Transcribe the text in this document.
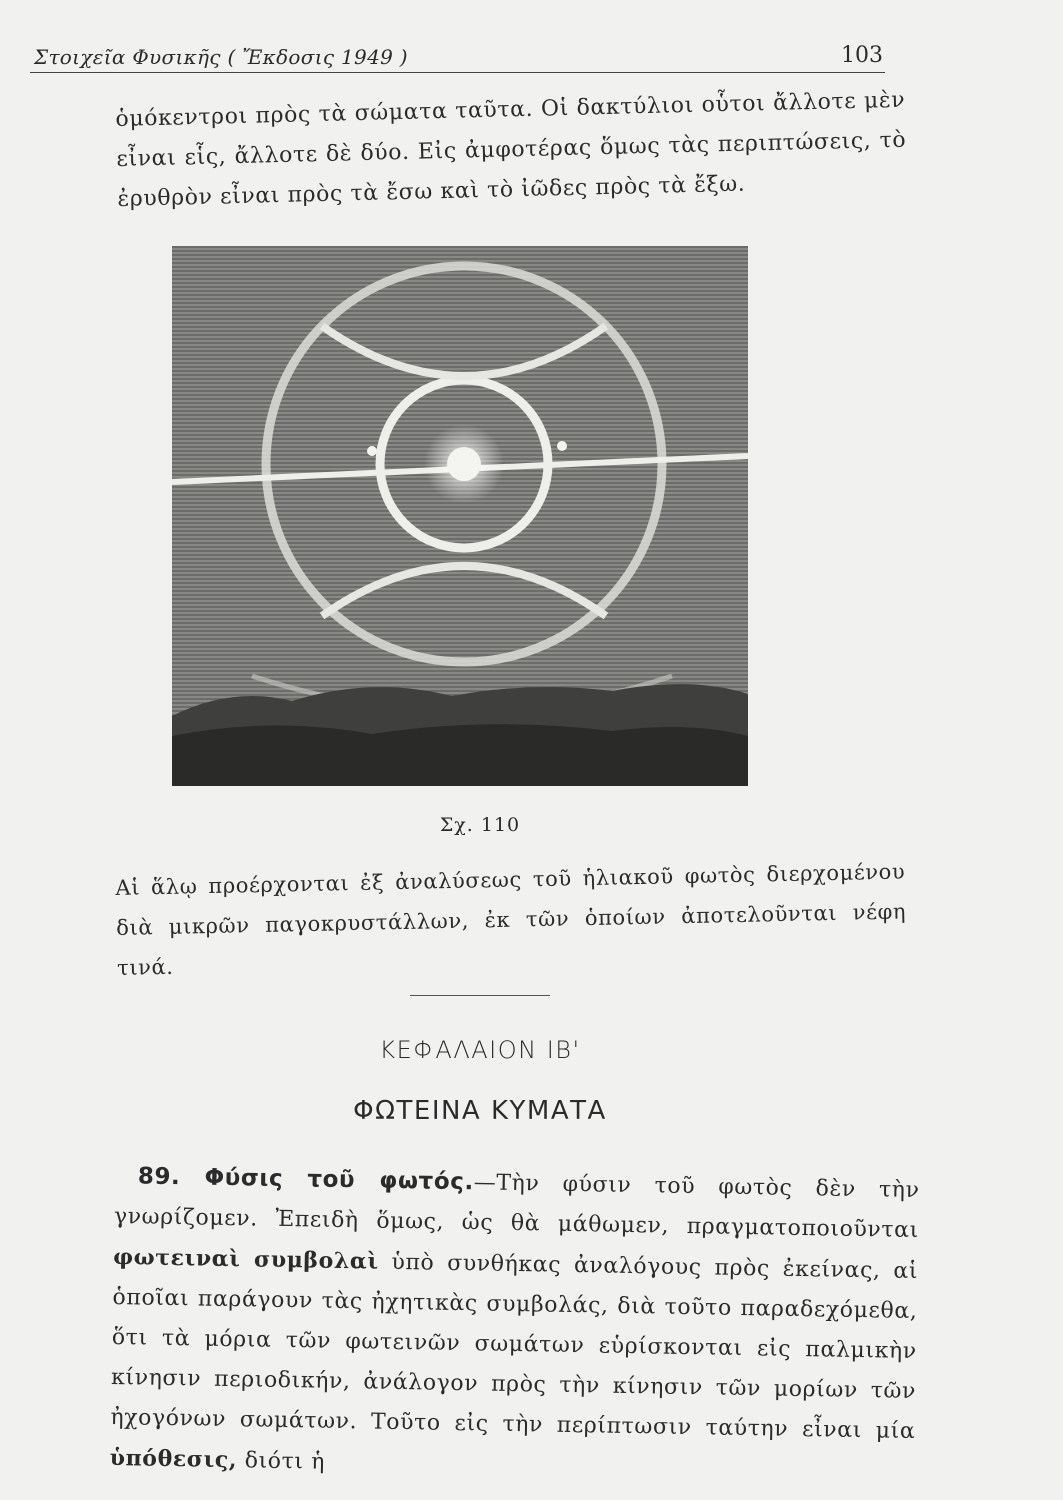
Στοιχεῖα Φυσικῆς ( Ἔκδοσις 1949 )	103
ὁμόκεντροι πρὸς τὰ σώματα ταῦτα. Οἱ δακτύλιοι οὗτοι ἄλλοτε μὲν εἶναι εἷς, ἄλλοτε δὲ δύο. Εἰς ἀμφοτέρας ὅμως τὰς περιπτώσεις, τὸ ἐρυθρὸν εἶναι πρὸς τὰ ἔσω καὶ τὸ ἰῶδες πρὸς τὰ ἔξω.
Σχ. 110
Αἱ ἅλῳ προέρχονται ἐξ ἀναλύσεως τοῦ ἡλιακοῦ φωτὸς διερχομένου διὰ μικρῶν παγοκρυστάλλων, ἐκ τῶν ὁποίων ἀποτελοῦνται νέφη τινά.
ΚΕΦΑΛΑΙΟΝ ΙΒ'
ΦΩΤΕΙΝΑ ΚΥΜΑΤΑ
89. Φύσις τοῦ φωτός.—Τὴν φύσιν τοῦ φωτὸς δὲν τὴν γνωρίζομεν. Ἐπειδὴ ὅμως, ὡς θὰ μάθωμεν, πραγματοποιοῦνται φωτειναὶ συμβολαὶ ὑπὸ συνθήκας ἀναλόγους πρὸς ἐκείνας, αἱ ὁποῖαι παράγουν τὰς ἠχητικὰς συμβολάς, διὰ τοῦτο παραδεχόμεθα, ὅτι τὰ μόρια τῶν φωτεινῶν σωμάτων εὑρίσκονται εἰς παλμικὴν κίνησιν περιοδικήν, ἀνάλογον πρὸς τὴν κίνησιν τῶν μορίων τῶν ἠχογόνων σωμάτων. Τοῦτο εἰς τὴν περίπτωσιν ταύτην εἶναι μία ὑπόθεσις, διότι ἡ
